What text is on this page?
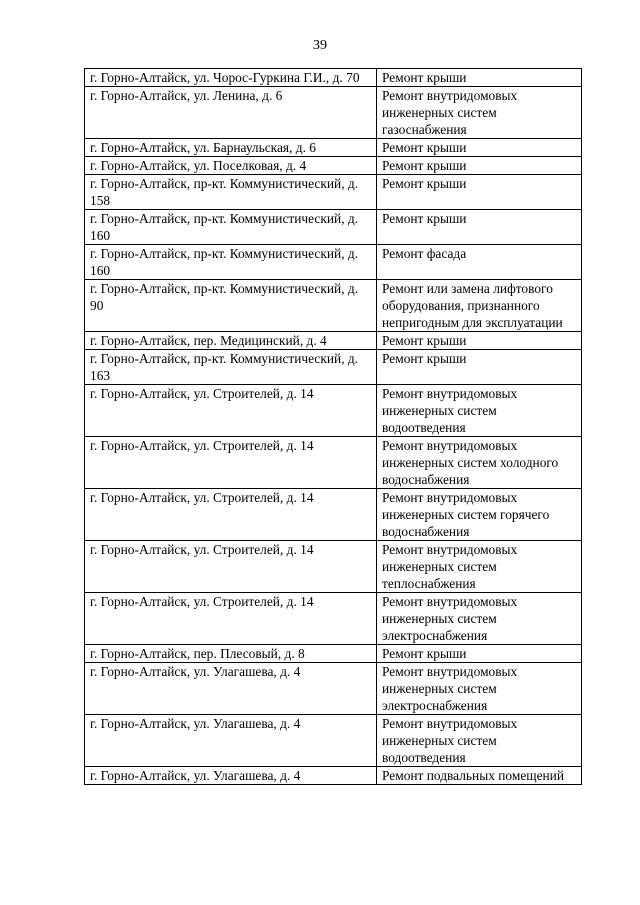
39
г. Горно-Алтайск, ул. Чорос-Гуркина Г.И., д. 70	Ремонт крыши
г. Горно-Алтайск, ул. Ленина, д. 6	Ремонт внутридомовых инженерных систем газоснабжения
г. Горно-Алтайск, ул. Барнаульская, д. 6	Ремонт крыши
г. Горно-Алтайск, ул. Поселковая, д. 4	Ремонт крыши
г. Горно-Алтайск, пр-кт. Коммунистический, д. 158	Ремонт крыши
г. Горно-Алтайск, пр-кт. Коммунистический, д. 160	Ремонт крыши
г. Горно-Алтайск, пр-кт. Коммунистический, д. 160	Ремонт фасада
г. Горно-Алтайск, пр-кт. Коммунистический, д. 90	Ремонт или замена лифтового оборудования, признанного непригодным для эксплуатации
г. Горно-Алтайск, пер. Медицинский, д. 4	Ремонт крыши
г. Горно-Алтайск, пр-кт. Коммунистический, д. 163	Ремонт крыши
г. Горно-Алтайск, ул. Строителей, д. 14	Ремонт внутридомовых инженерных систем водоотведения
г. Горно-Алтайск, ул. Строителей, д. 14	Ремонт внутридомовых инженерных систем холодного водоснабжения
г. Горно-Алтайск, ул. Строителей, д. 14	Ремонт внутридомовых инженерных систем горячего водоснабжения
г. Горно-Алтайск, ул. Строителей, д. 14	Ремонт внутридомовых инженерных систем теплоснабжения
г. Горно-Алтайск, ул. Строителей, д. 14	Ремонт внутридомовых инженерных систем электроснабжения
г. Горно-Алтайск, пер. Плесовый, д. 8	Ремонт крыши
г. Горно-Алтайск, ул. Улагашева, д. 4	Ремонт внутридомовых инженерных систем электроснабжения
г. Горно-Алтайск, ул. Улагашева, д. 4	Ремонт внутридомовых инженерных систем водоотведения
г. Горно-Алтайск, ул. Улагашева, д. 4	Ремонт подвальных помещений
